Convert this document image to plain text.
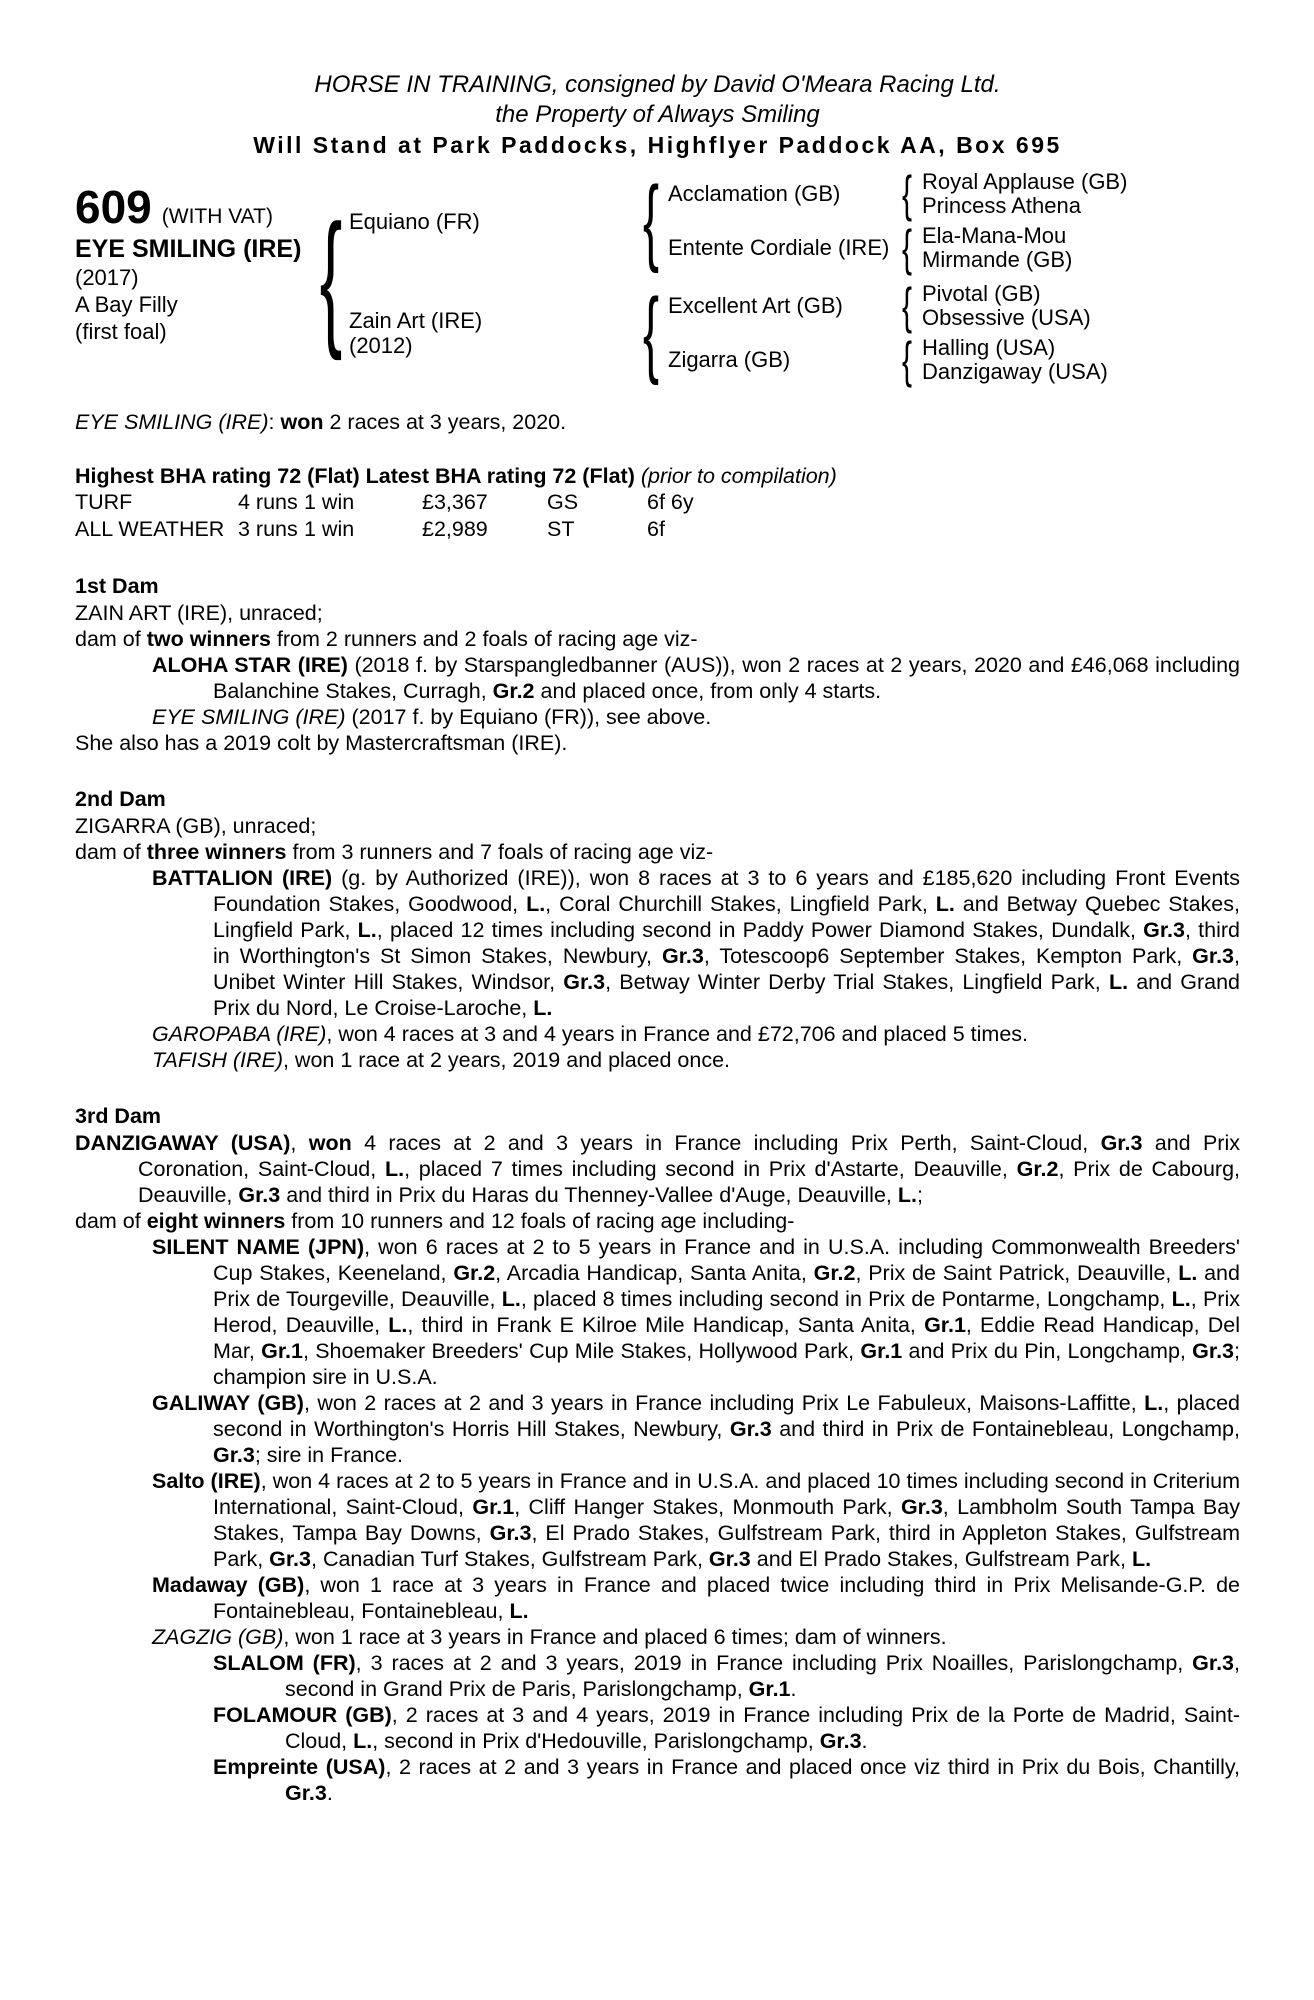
HORSE IN TRAINING, consigned by David O'Meara Racing Ltd.
the Property of Always Smiling
Will Stand at Park Paddocks, Highflyer Paddock AA, Box 695
609 (WITH VAT)
EYE SMILING (IRE)
(2017)
A Bay Filly
(first foal)
{
Equiano (FR)
{
Acclamation (GB) {	Royal Applause (GB)
Princess Athena
Entente Cordiale (IRE) {	Ela-Mana-Mou
Mirmande (GB)
Zain Art (IRE)
(2012)
{
Excellent Art (GB) {	Pivotal (GB)
Obsessive (USA)
Zigarra (GB) {	Halling (USA)
Danzigaway (USA)
EYE SMILING (IRE): won 2 races at 3 years, 2020.
Highest BHA rating 72 (Flat) Latest BHA rating 72 (Flat) (prior to compilation)
TURF	4 runs 1 win	£3,367	GS	6f 6y
ALL WEATHER 3 runs 1 win	£2,989	ST	6f
1st Dam
ZAIN ART (IRE), unraced;
dam of two winners from 2 runners and 2 foals of racing age viz-
ALOHA STAR (IRE) (2018 f. by Starspangledbanner (AUS)), won 2 races at 2 years, 2020 and £46,068 including Balanchine Stakes, Curragh, Gr.2 and placed once, from only 4 starts.
EYE SMILING (IRE) (2017 f. by Equiano (FR)), see above.
She also has a 2019 colt by Mastercraftsman (IRE).
2nd Dam
ZIGARRA (GB), unraced;
dam of three winners from 3 runners and 7 foals of racing age viz-
BATTALION (IRE) (g. by Authorized (IRE)), won 8 races at 3 to 6 years and £185,620 including Front Events Foundation Stakes, Goodwood, L., Coral Churchill Stakes, Lingfield Park, L. and Betway Quebec Stakes, Lingfield Park, L., placed 12 times including second in Paddy Power Diamond Stakes, Dundalk, Gr.3, third in Worthington's St Simon Stakes, Newbury, Gr.3, Totescoop6 September Stakes, Kempton Park, Gr.3, Unibet Winter Hill Stakes, Windsor, Gr.3, Betway Winter Derby Trial Stakes, Lingfield Park, L. and Grand Prix du Nord, Le Croise-Laroche, L.
GAROPABA (IRE), won 4 races at 3 and 4 years in France and £72,706 and placed 5 times.
TAFISH (IRE), won 1 race at 2 years, 2019 and placed once.
3rd Dam
DANZIGAWAY (USA), won 4 races at 2 and 3 years in France including Prix Perth, Saint-Cloud, Gr.3 and Prix Coronation, Saint-Cloud, L., placed 7 times including second in Prix d'Astarte, Deauville, Gr.2, Prix de Cabourg, Deauville, Gr.3 and third in Prix du Haras du Thenney-Vallee d'Auge, Deauville, L.;
dam of eight winners from 10 runners and 12 foals of racing age including-
SILENT NAME (JPN), won 6 races at 2 to 5 years in France and in U.S.A. including Commonwealth Breeders' Cup Stakes, Keeneland, Gr.2, Arcadia Handicap, Santa Anita, Gr.2, Prix de Saint Patrick, Deauville, L. and Prix de Tourgeville, Deauville, L., placed 8 times including second in Prix de Pontarme, Longchamp, L., Prix Herod, Deauville, L., third in Frank E Kilroe Mile Handicap, Santa Anita, Gr.1, Eddie Read Handicap, Del Mar, Gr.1, Shoemaker Breeders' Cup Mile Stakes, Hollywood Park, Gr.1 and Prix du Pin, Longchamp, Gr.3; champion sire in U.S.A.
GALIWAY (GB), won 2 races at 2 and 3 years in France including Prix Le Fabuleux, Maisons-Laffitte, L., placed second in Worthington's Horris Hill Stakes, Newbury, Gr.3 and third in Prix de Fontainebleau, Longchamp, Gr.3; sire in France.
Salto (IRE), won 4 races at 2 to 5 years in France and in U.S.A. and placed 10 times including second in Criterium International, Saint-Cloud, Gr.1, Cliff Hanger Stakes, Monmouth Park, Gr.3, Lambholm South Tampa Bay Stakes, Tampa Bay Downs, Gr.3, El Prado Stakes, Gulfstream Park, third in Appleton Stakes, Gulfstream Park, Gr.3, Canadian Turf Stakes, Gulfstream Park, Gr.3 and El Prado Stakes, Gulfstream Park, L.
Madaway (GB), won 1 race at 3 years in France and placed twice including third in Prix Melisande-G.P. de Fontainebleau, Fontainebleau, L.
ZAGZIG (GB), won 1 race at 3 years in France and placed 6 times; dam of winners.
SLALOM (FR), 3 races at 2 and 3 years, 2019 in France including Prix Noailles, Parislongchamp, Gr.3, second in Grand Prix de Paris, Parislongchamp, Gr.1.
FOLAMOUR (GB), 2 races at 3 and 4 years, 2019 in France including Prix de la Porte de Madrid, Saint-Cloud, L., second in Prix d'Hedouville, Parislongchamp, Gr.3.
Empreinte (USA), 2 races at 2 and 3 years in France and placed once viz third in Prix du Bois, Chantilly, Gr.3.
